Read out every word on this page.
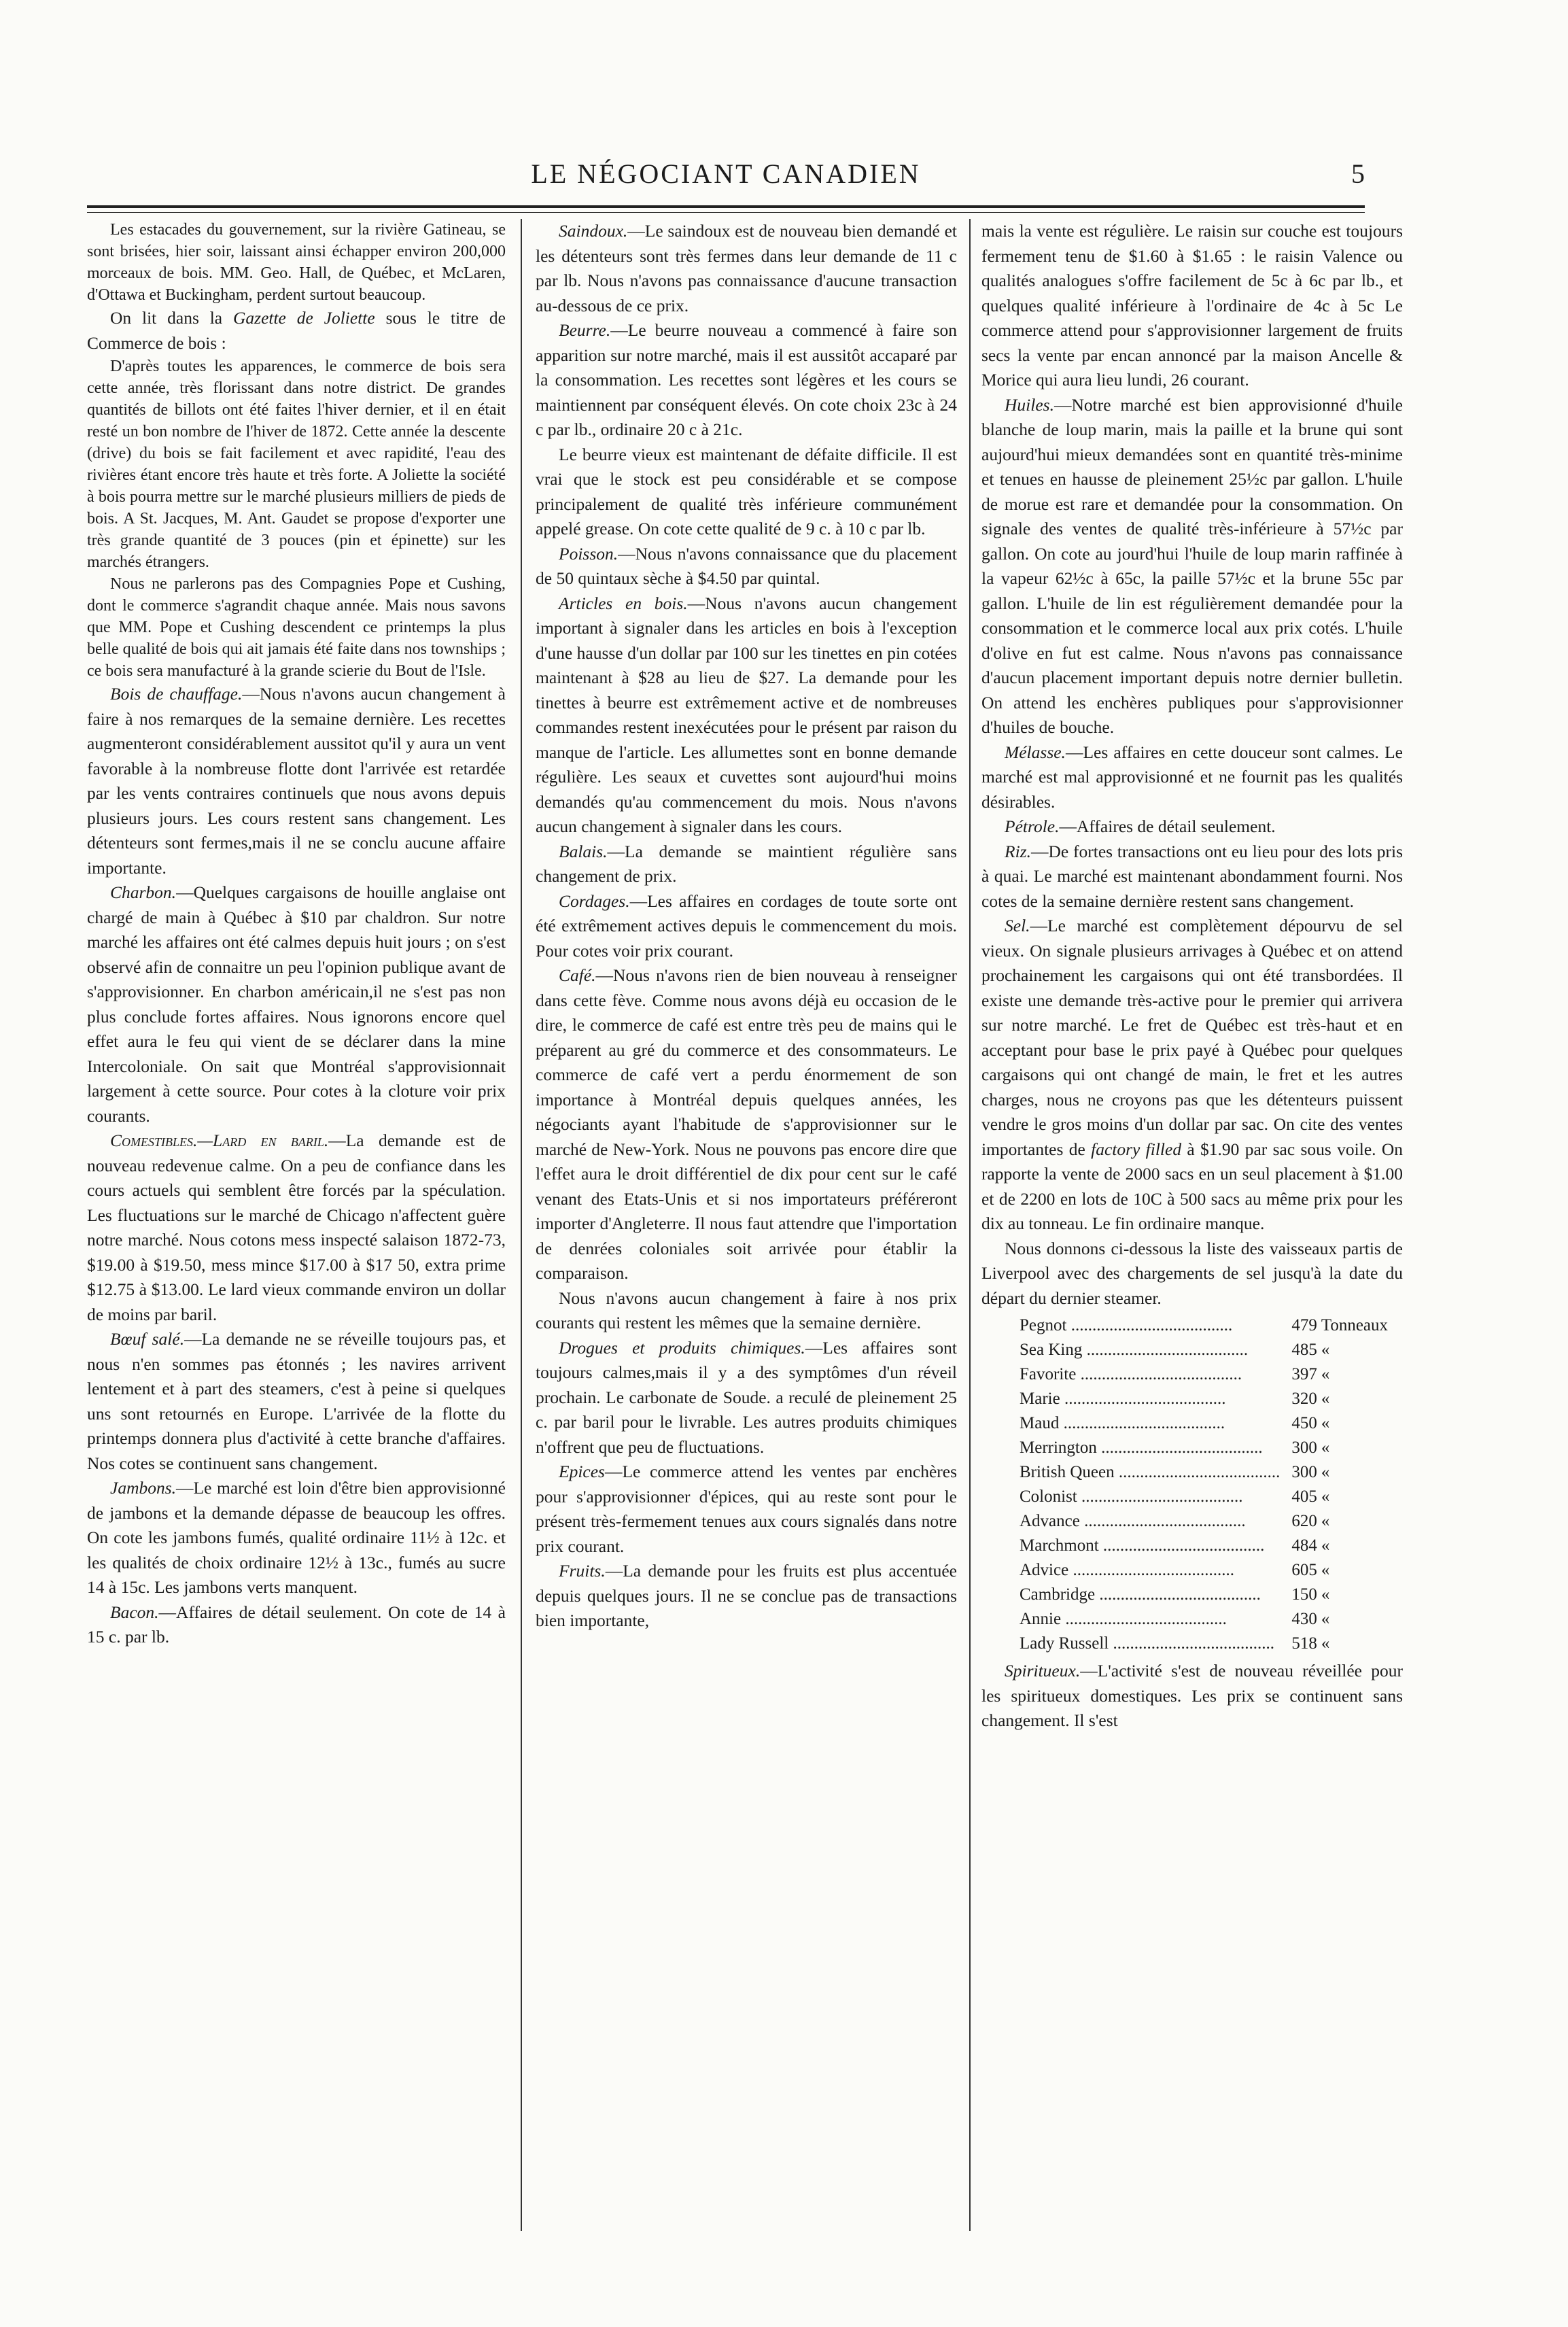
LE NÉGOCIANT CANADIEN	5

Les estacades du gouvernement, sur la rivière Gatineau, se sont brisées, hier soir, laissant ainsi échapper environ 200,000 morceaux de bois. MM. Geo. Hall, de Québec, et McLaren, d'Ottawa et Buckingham, perdent surtout beaucoup.

On lit dans la Gazette de Joliette sous le titre de Commerce de bois :

D'après toutes les apparences, le commerce de bois sera cette année, très florissant dans notre district. De grandes quantités de billots ont été faites l'hiver dernier, et il en était resté un bon nombre de l'hiver de 1872. Cette année la descente (drive) du bois se fait facilement et avec rapidité, l'eau des rivières étant encore très haute et très forte. A Joliette la société à bois pourra mettre sur le marché plusieurs milliers de pieds de bois. A St. Jacques, M. Ant. Gaudet se propose d'exporter une très grande quantité de 3 pouces (pin et épinette) sur les marchés étrangers.

Nous ne parlerons pas des Compagnies Pope et Cushing, dont le commerce s'agrandit chaque année. Mais nous savons que MM. Pope et Cushing descendent ce printemps la plus belle qualité de bois qui ait jamais été faite dans nos townships ; ce bois sera manufacturé à la grande scierie du Bout de l'Isle.

Bois de chauffage.—Nous n'avons aucun changement à faire à nos remarques de la semaine dernière. Les recettes augmenteront considérablement aussitot qu'il y aura un vent favorable à la nombreuse flotte dont l'arrivée est retardée par les vents contraires continuels que nous avons depuis plusieurs jours. Les cours restent sans changement. Les détenteurs sont fermes,mais il ne se conclu aucune affaire importante.

Charbon.—Quelques cargaisons de houille anglaise ont chargé de main à Québec à $10 par chaldron. Sur notre marché les affaires ont été calmes depuis huit jours ; on s'est observé afin de connaitre un peu l'opinion publique avant de s'approvisionner. En charbon américain,il ne s'est pas non plus conclude fortes affaires. Nous ignorons encore quel effet aura le feu qui vient de se déclarer dans la mine Intercoloniale. On sait que Montréal s'approvisionnait largement à cette source. Pour cotes à la cloture voir prix courants.

Comestibles.—Lard en baril.—La demande est de nouveau redevenue calme. On a peu de confiance dans les cours actuels qui semblent être forcés par la spéculation. Les fluctuations sur le marché de Chicago n'affectent guère notre marché. Nous cotons mess inspecté salaison 1872-73, $19.00 à $19.50, mess mince $17.00 à $17 50, extra prime $12.75 à $13.00. Le lard vieux commande environ un dollar de moins par baril.

Bœuf salé.—La demande ne se réveille toujours pas, et nous n'en sommes pas étonnés ; les navires arrivent lentement et à part des steamers, c'est à peine si quelques uns sont retournés en Europe. L'arrivée de la flotte du printemps donnera plus d'activité à cette branche d'affaires. Nos cotes se continuent sans changement.

Jambons.—Le marché est loin d'être bien approvisionné de jambons et la demande dépasse de beaucoup les offres. On cote les jambons fumés, qualité ordinaire 11½ à 12c. et les qualités de choix ordinaire 12½ à 13c., fumés au sucre 14 à 15c. Les jambons verts manquent.

Bacon.—Affaires de détail seulement. On cote de 14 à 15 c. par lb.

Saindoux.—Le saindoux est de nouveau bien demandé et les détenteurs sont très fermes dans leur demande de 11 c par lb. Nous n'avons pas connaissance d'aucune transaction au-dessous de ce prix.

Beurre.—Le beurre nouveau a commencé à faire son apparition sur notre marché, mais il est aussitôt accaparé par la consommation. Les recettes sont légères et les cours se maintiennent par conséquent élevés. On cote choix 23c à 24 c par lb., ordinaire 20 c à 21c.

Le beurre vieux est maintenant de défaite difficile. Il est vrai que le stock est peu considérable et se compose principalement de qualité très inférieure communément appelé grease. On cote cette qualité de 9 c. à 10 c par lb.

Poisson.—Nous n'avons connaissance que du placement de 50 quintaux sèche à $4.50 par quintal.

Articles en bois.—Nous n'avons aucun changement important à signaler dans les articles en bois à l'exception d'une hausse d'un dollar par 100 sur les tinettes en pin cotées maintenant à $28 au lieu de $27. La demande pour les tinettes à beurre est extrêmement active et de nombreuses commandes restent inexécutées pour le présent par raison du manque de l'article. Les allumettes sont en bonne demande régulière. Les seaux et cuvettes sont aujourd'hui moins demandés qu'au commencement du mois. Nous n'avons aucun changement à signaler dans les cours.

Balais.—La demande se maintient régulière sans changement de prix.

Cordages.—Les affaires en cordages de toute sorte ont été extrêmement actives depuis le commencement du mois. Pour cotes voir prix courant.

Café.—Nous n'avons rien de bien nouveau à renseigner dans cette fève. Comme nous avons déjà eu occasion de le dire, le commerce de café est entre très peu de mains qui le préparent au gré du commerce et des consommateurs. Le commerce de café vert a perdu énormement de son importance à Montréal depuis quelques années, les négociants ayant l'habitude de s'approvisionner sur le marché de New-York. Nous ne pouvons pas encore dire que l'effet aura le droit différentiel de dix pour cent sur le café venant des Etats-Unis et si nos importateurs préféreront importer d'Angleterre. Il nous faut attendre que l'importation de denrées coloniales soit arrivée pour établir la comparaison.

Nous n'avons aucun changement à faire à nos prix courants qui restent les mêmes que la semaine dernière.

Drogues et produits chimiques.—Les affaires sont toujours calmes,mais il y a des symptômes d'un réveil prochain. Le carbonate de Soude. a reculé de pleinement 25 c. par baril pour le livrable. Les autres produits chimiques n'offrent que peu de fluctuations.

Epices—Le commerce attend les ventes par enchères pour s'approvisionner d'épices, qui au reste sont pour le présent très-fermement tenues aux cours signalés dans notre prix courant.

Fruits.—La demande pour les fruits est plus accentuée depuis quelques jours. Il ne se conclue pas de transactions bien importante,

mais la vente est régulière. Le raisin sur couche est toujours fermement tenu de $1.60 à $1.65 : le raisin Valence ou qualités analogues s'offre facilement de 5c à 6c par lb., et quelques qualité inférieure à l'ordinaire de 4c à 5c Le commerce attend pour s'approvisionner largement de fruits secs la vente par encan annoncé par la maison Ancelle & Morice qui aura lieu lundi, 26 courant.

Huiles.—Notre marché est bien approvisionné d'huile blanche de loup marin, mais la paille et la brune qui sont aujourd'hui mieux demandées sont en quantité très-minime et tenues en hausse de pleinement 25½c par gallon. L'huile de morue est rare et demandée pour la consommation. On signale des ventes de qualité très-inférieure à 57½c par gallon. On cote au jourd'hui l'huile de loup marin raffinée à la vapeur 62½c à 65c, la paille 57½c et la brune 55c par gallon. L'huile de lin est régulièrement demandée pour la consommation et le commerce local aux prix cotés. L'huile d'olive en fut est calme. Nous n'avons pas connaissance d'aucun placement important depuis notre dernier bulletin. On attend les enchères publiques pour s'approvisionner d'huiles de bouche.

Mélasse.—Les affaires en cette douceur sont calmes. Le marché est mal approvisionné et ne fournit pas les qualités désirables.

Pétrole.—Affaires de détail seulement.

Riz.—De fortes transactions ont eu lieu pour des lots pris à quai. Le marché est maintenant abondamment fourni. Nos cotes de la semaine dernière restent sans changement.

Sel.—Le marché est complètement dépourvu de sel vieux. On signale plusieurs arrivages à Québec et on attend prochainement les cargaisons qui ont été transbordées. Il existe une demande très-active pour le premier qui arrivera sur notre marché. Le fret de Québec est très-haut et en acceptant pour base le prix payé à Québec pour quelques cargaisons qui ont changé de main, le fret et les autres charges, nous ne croyons pas que les détenteurs puissent vendre le gros moins d'un dollar par sac. On cite des ventes importantes de factory filled à $1.90 par sac sous voile. On rapporte la vente de 2000 sacs en un seul placement à $1.00 et de 2200 en lots de 10C à 500 sacs au même prix pour les dix au tonneau. Le fin ordinaire manque.

Nous donnons ci-dessous la liste des vaisseaux partis de Liverpool avec des chargements de sel jusqu'à la date du départ du dernier steamer.

Pegnot .....	479	Tonneaux
Sea King .....	485	«
Favorite .....	397	«
Marie .....	320	«
Maud .....	450	«
Merrington .....	300	«
British Queen .....	300	«
Colonist .....	405	«
Advance .....	620	«
Marchmont .....	484	«
Advice .....	605	«
Cambridge .....	150	«
Annie .....	430	«
Lady Russell .....	518	«

Spiritueux.—L'activité s'est de nouveau réveillée pour les spiritueux domestiques. Les prix se continuent sans changement. Il s'est
